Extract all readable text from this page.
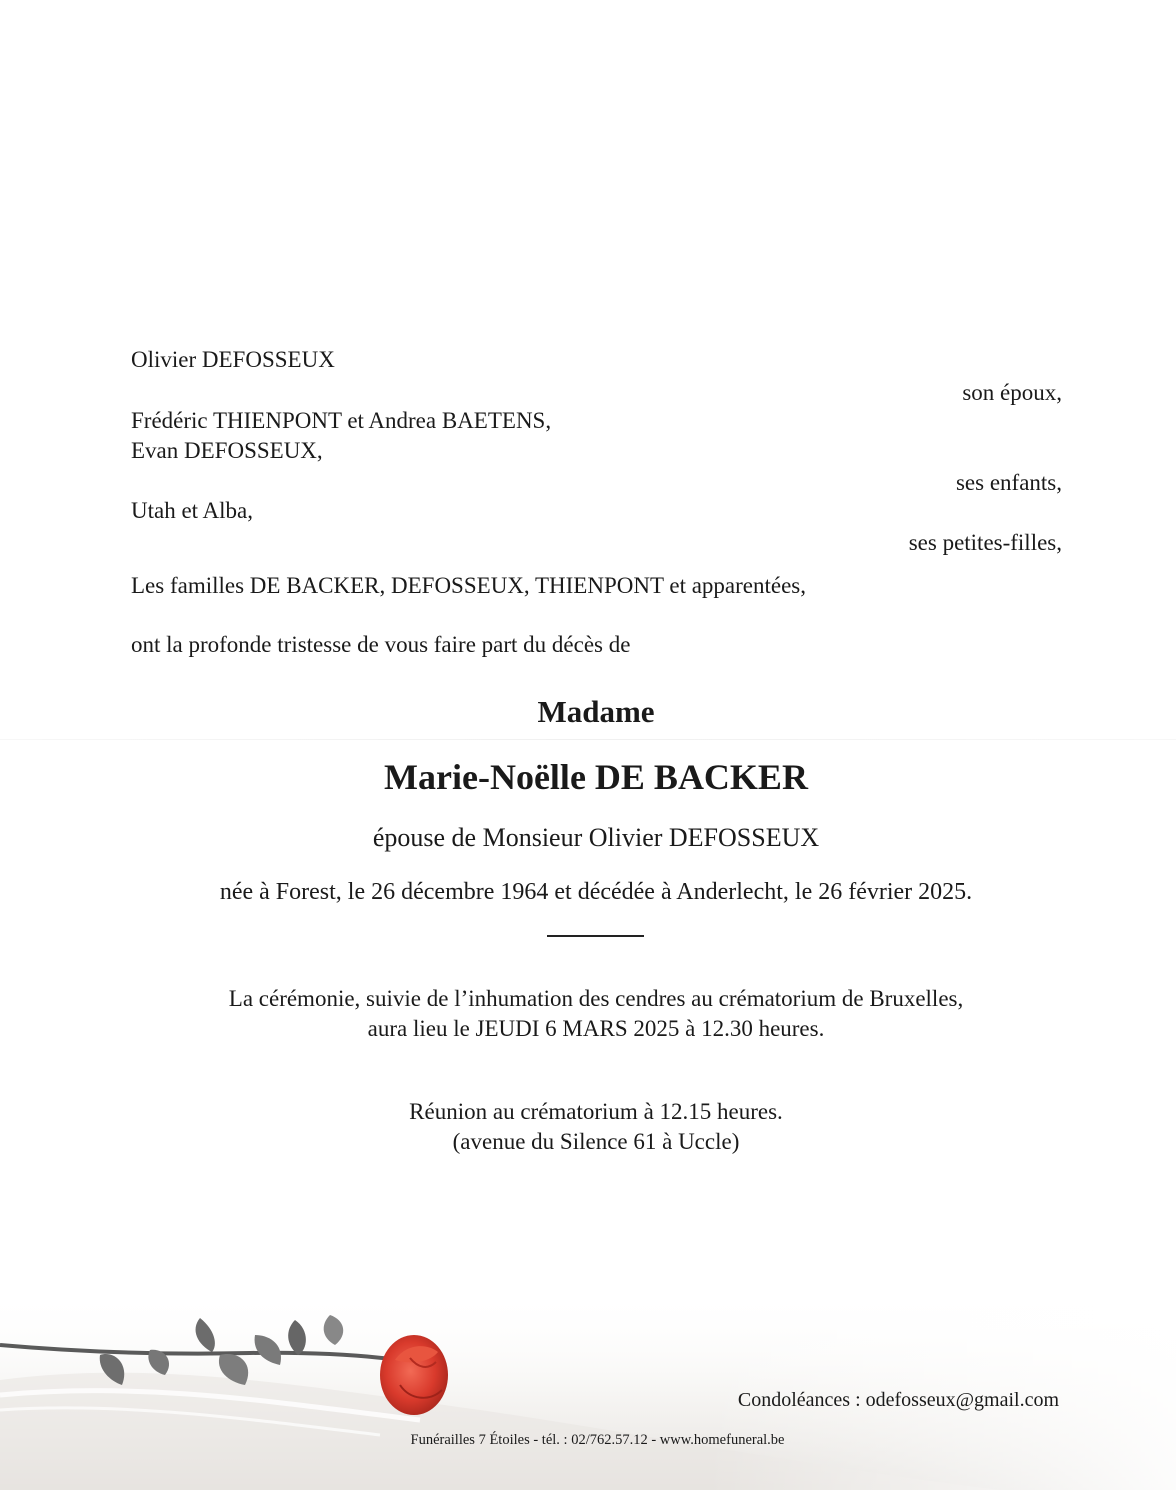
Olivier DEFOSSEUX
son époux,
Frédéric THIENPONT et Andrea BAETENS,
Evan DEFOSSEUX,
ses enfants,
Utah et Alba,
ses petites-filles,
Les familles DE BACKER, DEFOSSEUX, THIENPONT et apparentées,
ont la profonde tristesse de vous faire part du décès de
Madame
Marie-Noëlle DE BACKER
épouse de Monsieur Olivier DEFOSSEUX
née à Forest, le 26 décembre 1964 et décédée à Anderlecht, le 26 février 2025.
La cérémonie, suivie de l’inhumation des cendres au crématorium de Bruxelles,
aura lieu le JEUDI 6 MARS 2025 à 12.30 heures.
Réunion au crématorium à 12.15 heures.
(avenue du Silence 61 à Uccle)
Condoléances : odefosseux@gmail.com
Funérailles 7 Étoiles - tél. : 02/762.57.12 - www.homefuneral.be
